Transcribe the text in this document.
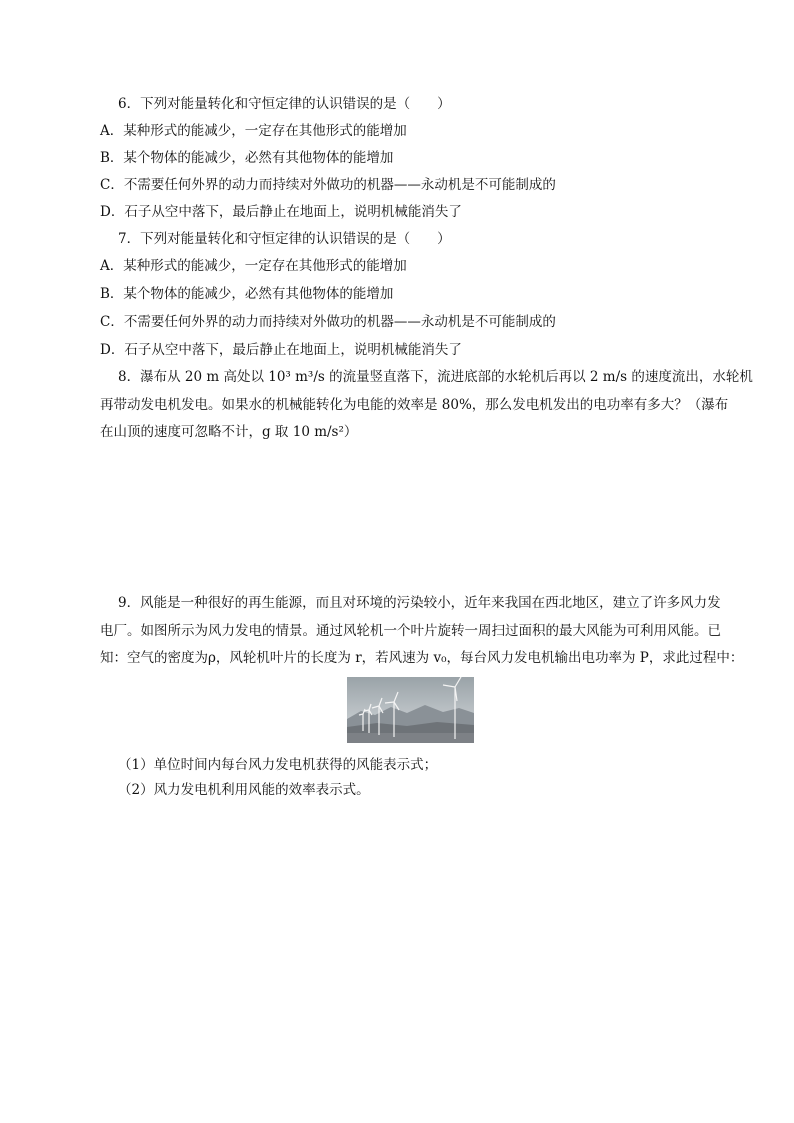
6．下列对能量转化和守恒定律的认识错误的是（　　）
A．某种形式的能减少，一定存在其他形式的能增加
B．某个物体的能减少，必然有其他物体的能增加
C．不需要任何外界的动力而持续对外做功的机器——永动机是不可能制成的
D．石子从空中落下，最后静止在地面上，说明机械能消失了
7．下列对能量转化和守恒定律的认识错误的是（　　）
A．某种形式的能减少，一定存在其他形式的能增加
B．某个物体的能减少，必然有其他物体的能增加
C．不需要任何外界的动力而持续对外做功的机器——永动机是不可能制成的
D．石子从空中落下，最后静止在地面上，说明机械能消失了
8．瀑布从 20 m 高处以 10³ m³/s 的流量竖直落下，流进底部的水轮机后再以 2 m/s 的速度流出，水轮机
再带动发电机发电。如果水的机械能转化为电能的效率是 80%，那么发电机发出的电功率有多大？（瀑布
在山顶的速度可忽略不计，g 取 10 m/s²）
9．风能是一种很好的再生能源，而且对环境的污染较小，近年来我国在西北地区，建立了许多风力发
电厂。如图所示为风力发电的情景。通过风轮机一个叶片旋转一周扫过面积的最大风能为可利用风能。已
知：空气的密度为ρ，风轮机叶片的长度为 r，若风速为 v₀，每台风力发电机输出电功率为 P，求此过程中：
（1）单位时间内每台风力发电机获得的风能表示式；
（2）风力发电机利用风能的效率表示式。
